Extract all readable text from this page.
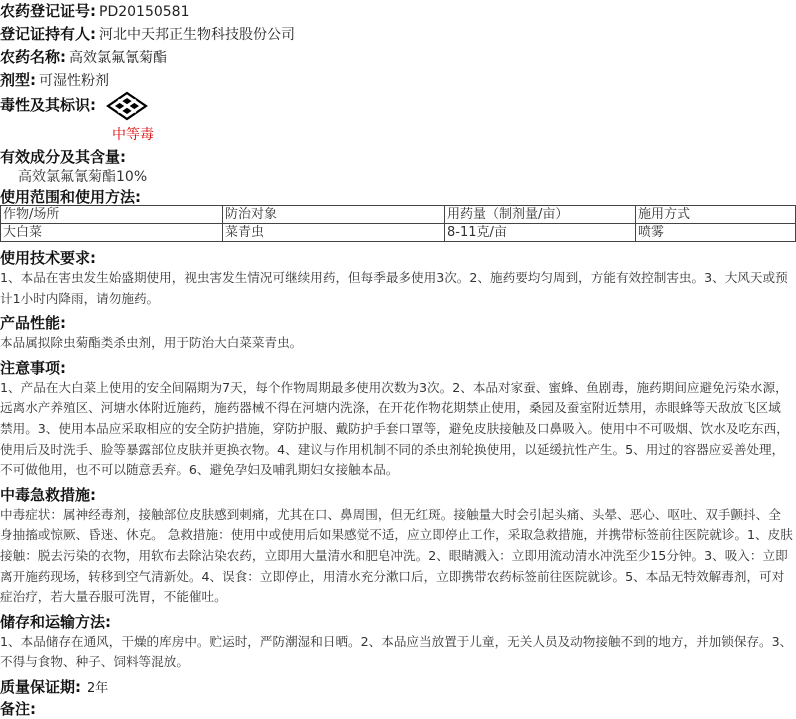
农药登记证号: PD20150581
登记证持有人: 河北中天邦正生物科技股份公司
农药名称: 高效氯氟氰菊酯
剂型: 可湿性粉剂
毒性及其标识:
中等毒
有效成分及其含量:
高效氯氟氰菊酯10%
使用范围和使用方法:
作物/场所	防治对象	用药量（制剂量/亩）	施用方式
大白菜	菜青虫	8-11克/亩	喷雾
使用技术要求:
1、本品在害虫发生始盛期使用，视虫害发生情况可继续用药，但每季最多使用3次。2、施药要均匀周到，方能有效控制害虫。3、大风天或预计1小时内降雨，请勿施药。
产品性能:
本品属拟除虫菊酯类杀虫剂，用于防治大白菜菜青虫。
注意事项:
1、产品在大白菜上使用的安全间隔期为7天，每个作物周期最多使用次数为3次。2、本品对家蚕、蜜蜂、鱼剧毒，施药期间应避免污染水源，远离水产养殖区、河塘水体附近施药，施药器械不得在河塘内洗涤，在开花作物花期禁止使用，桑园及蚕室附近禁用，赤眼蜂等天敌放飞区域禁用。3、使用本品应采取相应的安全防护措施，穿防护服、戴防护手套口罩等，避免皮肤接触及口鼻吸入。使用中不可吸烟、饮水及吃东西，使用后及时洗手、脸等暴露部位皮肤并更换衣物。4、建议与作用机制不同的杀虫剂轮换使用，以延缓抗性产生。5、用过的容器应妥善处理，不可做他用，也不可以随意丢弃。6、避免孕妇及哺乳期妇女接触本品。
中毒急救措施:
中毒症状：属神经毒剂，接触部位皮肤感到刺痛，尤其在口、鼻周围，但无红斑。接触量大时会引起头痛、头晕、恶心、呕吐、双手颤抖、全身抽搐或惊厥、昏迷、休克。 急救措施：使用中或使用后如果感觉不适，应立即停止工作，采取急救措施，并携带标签前往医院就诊。1、皮肤接触：脱去污染的衣物，用软布去除沾染农药，立即用大量清水和肥皂冲洗。2、眼睛溅入：立即用流动清水冲洗至少15分钟。3、吸入：立即离开施药现场，转移到空气清新处。4、误食：立即停止，用清水充分漱口后，立即携带农药标签前往医院就诊。5、本品无特效解毒剂，可对症治疗，若大量吞服可洗胃，不能催吐。
储存和运输方法:
1、本品储存在通风，干燥的库房中。贮运时，严防潮湿和日晒。2、本品应当放置于儿童，无关人员及动物接触不到的地方，并加锁保存。3、不得与食物、种子、饲料等混放。
质量保证期: 2年
备注:
